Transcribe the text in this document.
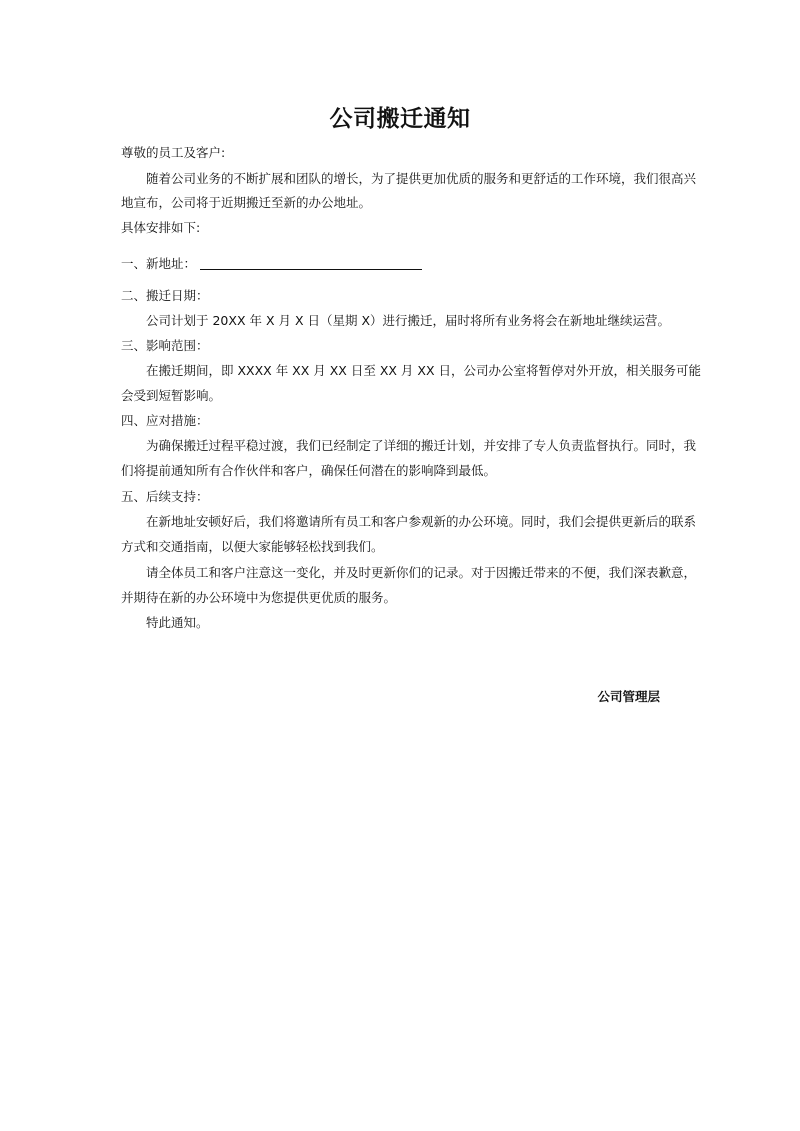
公司搬迁通知
尊敬的员工及客户:
随着公司业务的不断扩展和团队的增长，为了提供更加优质的服务和更舒适的工作环境，我们很高兴
地宣布，公司将于近期搬迁至新的办公地址。
具体安排如下:
一、新地址：
二、搬迁日期：
公司计划于 20XX 年 X 月 X 日（星期 X）进行搬迁，届时将所有业务将会在新地址继续运营。
三、影响范围：
在搬迁期间，即 XXXX 年 XX 月 XX 日至 XX 月 XX 日，公司办公室将暂停对外开放，相关服务可能
会受到短暂影响。
四、应对措施：
为确保搬迁过程平稳过渡，我们已经制定了详细的搬迁计划，并安排了专人负责监督执行。同时，我
们将提前通知所有合作伙伴和客户，确保任何潜在的影响降到最低。
五、后续支持：
在新地址安顿好后，我们将邀请所有员工和客户参观新的办公环境。同时，我们会提供更新后的联系
方式和交通指南，以便大家能够轻松找到我们。
请全体员工和客户注意这一变化，并及时更新你们的记录。对于因搬迁带来的不便，我们深表歉意，
并期待在新的办公环境中为您提供更优质的服务。
特此通知。
公司管理层
